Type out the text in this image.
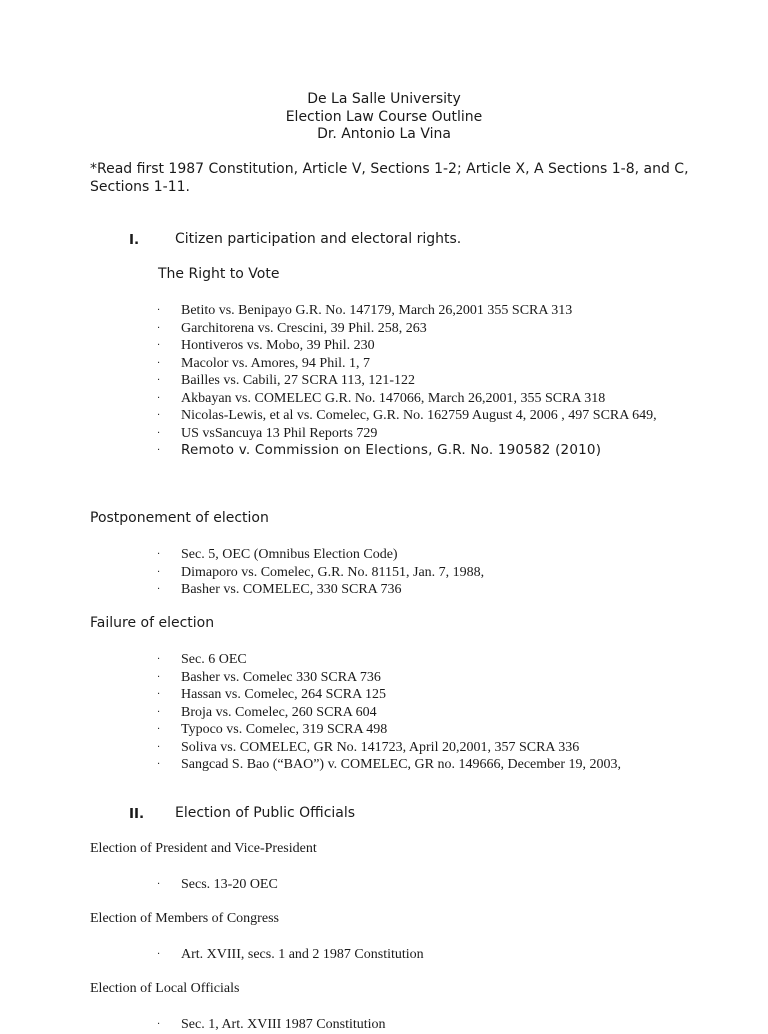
De La Salle University
Election Law Course Outline
Dr. Antonio La Vina
*Read first 1987 Constitution, Article V, Sections 1-2; Article X, A Sections 1-8, and C, Sections 1-11.
I.	Citizen participation and electoral rights.
The Right to Vote
· Betito vs. Benipayo G.R. No. 147179, March 26,2001 355 SCRA 313
· Garchitorena vs. Crescini, 39 Phil. 258, 263
· Hontiveros vs. Mobo, 39 Phil. 230
· Macolor vs. Amores, 94 Phil. 1, 7
· Bailles vs. Cabili, 27 SCRA 113, 121-122
· Akbayan vs. COMELEC G.R. No. 147066, March 26,2001, 355 SCRA 318
· Nicolas-Lewis, et al vs. Comelec, G.R. No. 162759 August 4, 2006 , 497 SCRA 649,
· US vsSancuya 13 Phil Reports 729
· Remoto v. Commission on Elections, G.R. No. 190582 (2010)
Postponement of election
· Sec. 5, OEC (Omnibus Election Code)
· Dimaporo vs. Comelec, G.R. No. 81151, Jan. 7, 1988,
· Basher vs. COMELEC, 330 SCRA 736
Failure of election
· Sec. 6 OEC
· Basher vs. Comelec 330 SCRA 736
· Hassan vs. Comelec, 264 SCRA 125
· Broja vs. Comelec, 260 SCRA 604
· Typoco vs. Comelec, 319 SCRA 498
· Soliva vs. COMELEC, GR No. 141723, April 20,2001, 357 SCRA 336
· Sangcad S. Bao (“BAO”) v. COMELEC, GR no. 149666, December 19, 2003,
II. Election of Public Officials
Election of President and Vice-President
· Secs. 13-20 OEC
Election of Members of Congress
· Art. XVIII, secs. 1 and 2 1987 Constitution
Election of Local Officials
· Sec. 1, Art. XVIII 1987 Constitution
